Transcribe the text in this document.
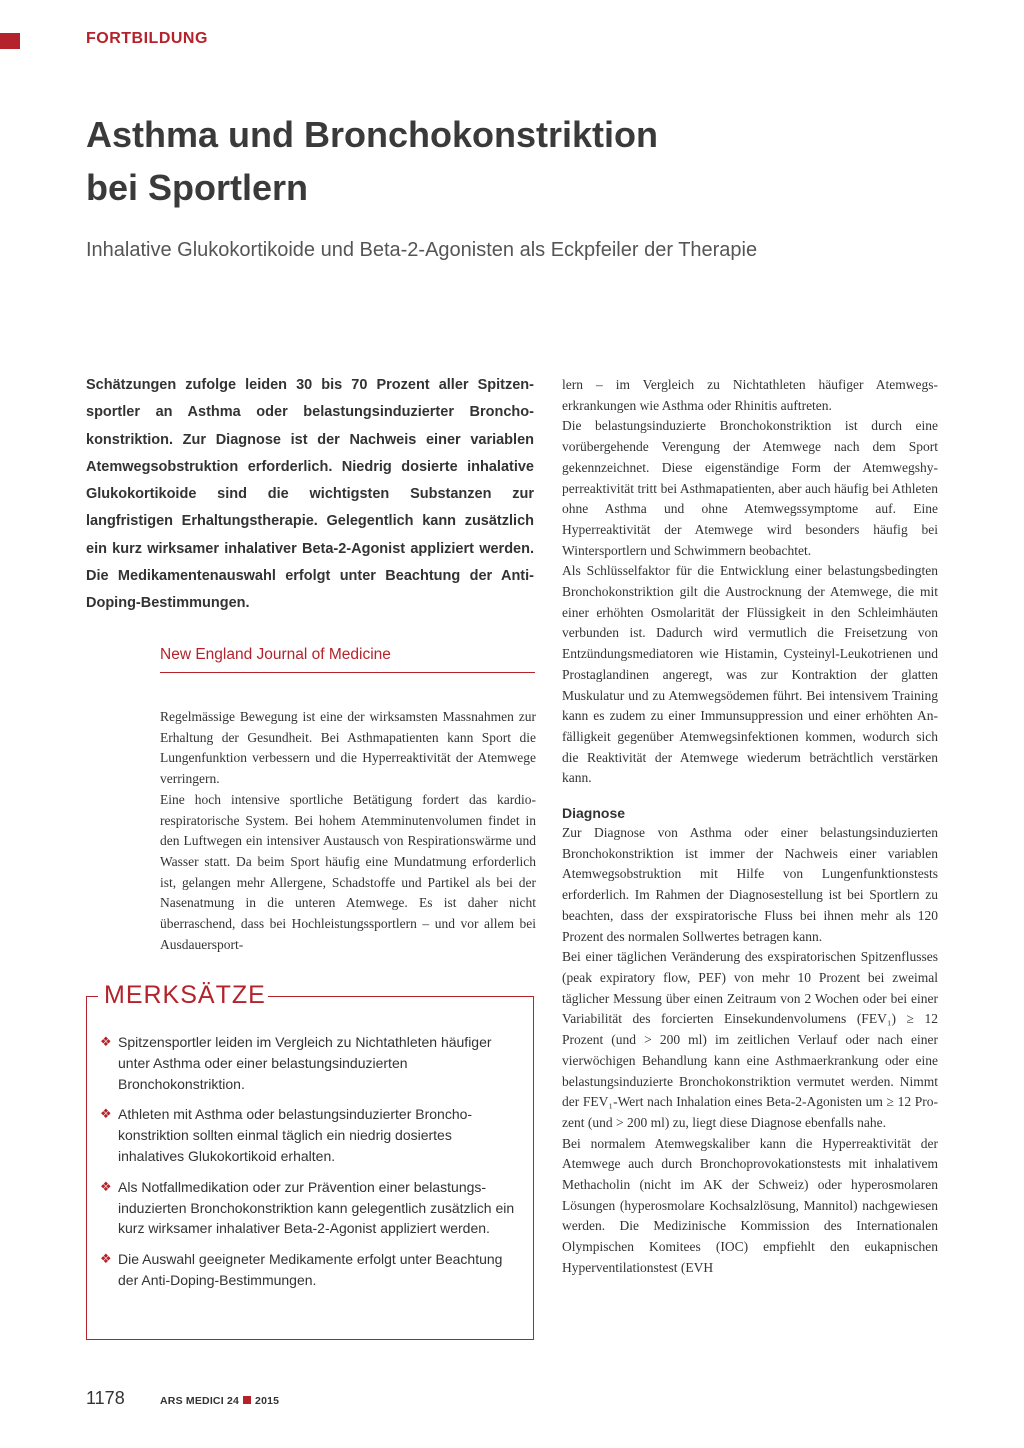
FORTBILDUNG
Asthma und Bronchokonstriktion
bei Sportlern
Inhalative Glukokortikoide und Beta-2-Agonisten als Eckpfeiler der Therapie
Schätzungen zufolge leiden 30 bis 70 Prozent aller Spitzensportler an Asthma oder belastungsinduzierter Bronchokonstriktion. Zur Diagnose ist der Nachweis einer variablen Atemwegsobstruktion erforderlich. Niedrig dosierte inhalative Glukokortikoide sind die wichtigsten Substanzen zur langfristigen Erhaltungstherapie. Gelegentlich kann zusätzlich ein kurz wirksamer inhalativer Beta-2-Agonist appliziert werden. Die Medikamentenauswahl erfolgt unter Beachtung der Anti-Doping-Bestimmungen.
New England Journal of Medicine

Regelmässige Bewegung ist eine der wirksamsten Massnahmen zur Erhaltung der Gesundheit. Bei Asthmapatienten kann Sport die Lungenfunktion verbessern und die Hyperreaktivität der Atemwege verringern.

Eine hoch intensive sportliche Betätigung fordert das kardiorespiratorische System. Bei hohem Atemminutenvolumen findet in den Luftwegen ein intensiver Austausch von Respirationswärme und Wasser statt. Da beim Sport häufig eine Mundatmung erforderlich ist, gelangen mehr Allergene, Schadstoffe und Partikel als bei der Nasenatmung in die unteren Atemwege. Es ist daher nicht überraschend, dass bei Hochleistungssportlern – und vor allem bei Ausdauersport-

lern – im Vergleich zu Nichtathleten häufiger Atemwegserkrankungen wie Asthma oder Rhinitis auftreten.

Die belastungsinduzierte Bronchokonstriktion ist durch eine vorübergehende Verengung der Atemwege nach dem Sport gekennzeichnet. Diese eigenständige Form der Atemwegshyperreaktivität tritt bei Asthmapatienten, aber auch häufig bei Athleten ohne Asthma und ohne Atemwegssymptome auf. Eine Hyperreaktivität der Atemwege wird besonders häufig bei Wintersportlern und Schwimmern beobachtet.

Als Schlüsselfaktor für die Entwicklung einer belastungsbedingten Bronchokonstriktion gilt die Austrocknung der Atemwege, die mit einer erhöhten Osmolarität der Flüssigkeit in den Schleimhäuten verbunden ist. Dadurch wird vermutlich die Freisetzung von Entzündungsmediatoren wie Histamin, Cysteinyl-Leukotrienen und Prostaglandinen angeregt, was zur Kontraktion der glatten Muskulatur und zu Atemwegsödemen führt. Bei intensivem Training kann es zudem zu einer Immunsuppression und einer erhöhten Anfälligkeit gegenüber Atemwegsinfektionen kommen, wodurch sich die Reaktivität der Atemwege wiederum beträchtlich verstärken kann.

Diagnose

Zur Diagnose von Asthma oder einer belastungsinduzierten Bronchokonstriktion ist immer der Nachweis einer variablen Atemwegsobstruktion mit Hilfe von Lungenfunktionstests erforderlich. Im Rahmen der Diagnosestellung ist bei Sportlern zu beachten, dass der exspiratorische Fluss bei ihnen mehr als 120 Prozent des normalen Sollwertes betragen kann.

Bei einer täglichen Veränderung des exspiratorischen Spitzenflusses (peak expiratory flow, PEF) von mehr 10 Prozent bei zweimal täglicher Messung über einen Zeitraum von 2 Wochen oder bei einer Variabilität des forcierten Einsekundenvolumens (FEV₁) ≥ 12 Prozent (und > 200 ml) im zeitlichen Verlauf oder nach einer vierwöchigen Behandlung kann eine Asthmaerkrankung oder eine belastungsinduzierte Bronchokonstriktion vermutet werden. Nimmt der FEV₁-Wert nach Inhalation eines Beta-2-Agonisten um ≥ 12 Prozent (und > 200 ml) zu, liegt diese Diagnose ebenfalls nahe.

Bei normalem Atemwegskaliber kann die Hyperreaktivität der Atemwege auch durch Bronchoprovokationstests mit inhalativem Methacholin (nicht im AK der Schweiz) oder hyperosmolaren Lösungen (hyperosmolare Kochsalzlösung, Mannitol) nachgewiesen werden. Die Medizinische Kommission des Internationalen Olympischen Komitees (IOC) empfiehlt den eukapnischen Hyperventilationstest (EVH

MERKSÄTZE
❖ Spitzensportler leiden im Vergleich zu Nichtathleten häufiger unter Asthma oder einer belastungsinduzierten Bronchokonstriktion.
❖ Athleten mit Asthma oder belastungsinduzierter Bronchokonstriktion sollten einmal täglich ein niedrig dosiertes inhalatives Glukokortikoid erhalten.
❖ Als Notfallmedikation oder zur Prävention einer belastungsinduzierten Bronchokonstriktion kann gelegentlich zusätzlich ein kurz wirksamer inhalativer Beta-2-Agonist appliziert werden.
❖ Die Auswahl geeigneter Medikamente erfolgt unter Beachtung der Anti-Doping-Bestimmungen.
1178	ARS MEDICI 24 2015
